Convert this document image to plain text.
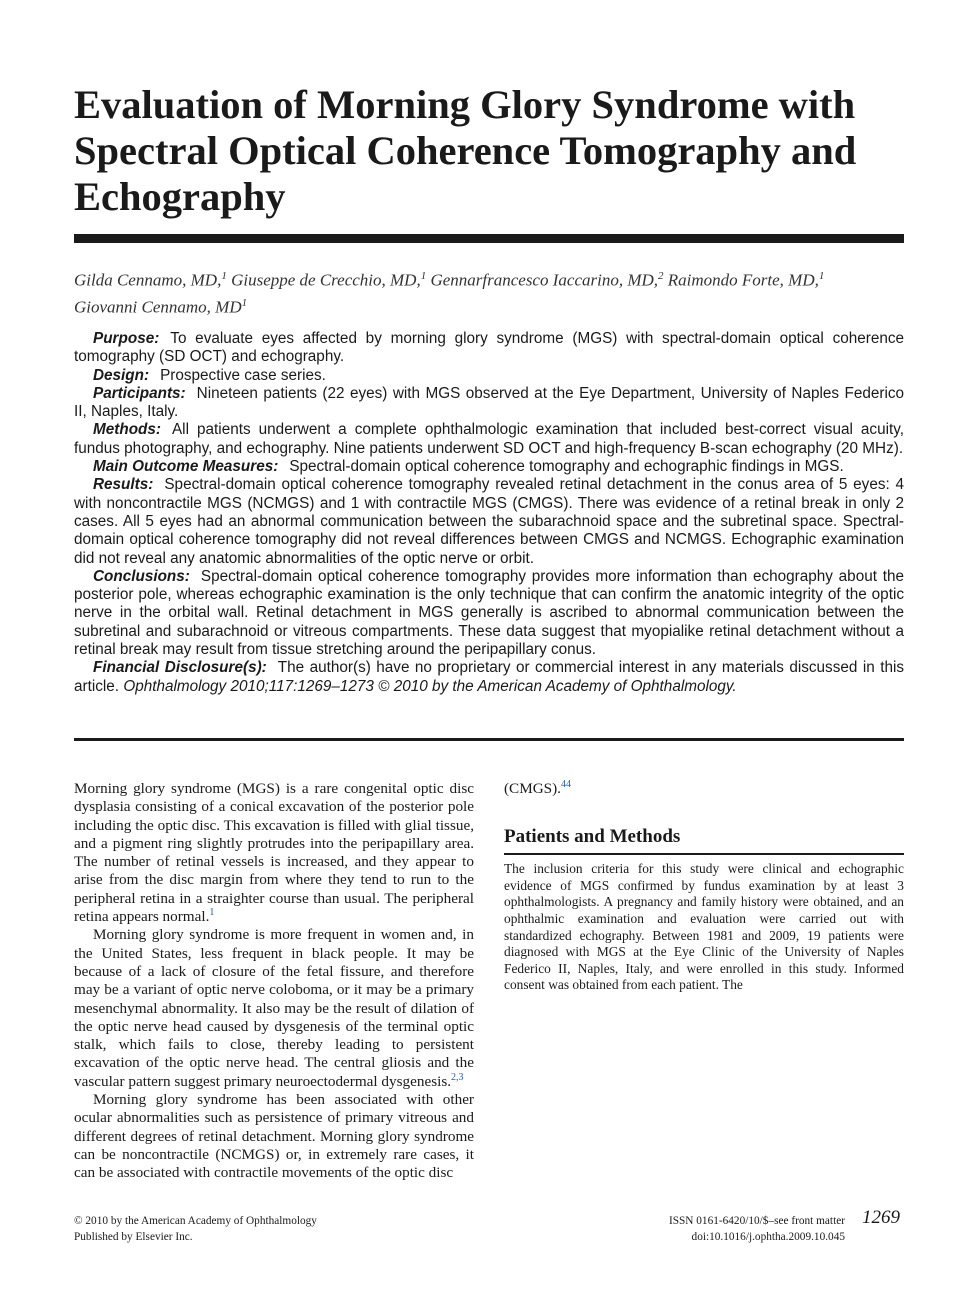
Evaluation of Morning Glory Syndrome with Spectral Optical Coherence Tomography and Echography
Gilda Cennamo, MD,$^1$ Giuseppe de Crecchio, MD,$^1$ Gennarfrancesco Iaccarino, MD,$^2$ Raimondo Forte, MD,$^1$
Giovanni Cennamo, $MD^1$

Purpose: To evaluate eyes affected by morning glory syndrome (MGS) with spectral-domain optical coherence tomography (SD OCT) and echography.

Design: Prospective case series.

Participants: Nineteen patients (22 eyes) with MGS observed at the Eye Department, University of Naples Federico II, Naples, Italy.

Methods: All patients underwent a complete ophthalmologic examination that included best-correct visual acuity, fundus photography, and echography. Nine patients underwent SD OCT and high-frequency B-scan echography (20 MHz).

Main Outcome Measures: Spectral-domain optical coherence tomography and echographic findings in MGS.

Results: Spectral-domain optical coherence tomography revealed retinal detachment in the conus area of 5 eyes: 4 with noncontractile MGS (NCMGS) and 1 with contractile MGS (CMGS). There was evidence of a retinal break in only 2 cases. All 5 eyes had an abnormal communication between the subarachnoid space and the subretinal space. Spectral-domain optical coherence tomography did not reveal differences between CMGS and NCMGS. Echographic examination did not reveal any anatomic abnormalities of the optic nerve or orbit.

Conclusions: Spectral-domain optical coherence tomography provides more information than echography about the posterior pole, whereas echographic examination is the only technique that can confirm the anatomic integrity of the optic nerve in the orbital wall. Retinal detachment in MGS generally is ascribed to abnormal communication between the subretinal and subarachnoid or vitreous compartments. These data suggest that myopialike retinal detachment without a retinal break may result from tissue stretching around the peripapillary conus.

Financial Disclosure(s): The author(s) have no proprietary or commercial interest in any materials discussed in this article. Ophthalmology 2010;117:1269–1273 © 2010 by the American Academy of Ophthalmology.

Morning glory syndrome (MGS) is a rare congenital optic disc dysplasia consisting of a conical excavation of the posterior pole including the optic disc. This excavation is filled with glial tissue, and a pigment ring slightly protrudes into the peripapillary area. The number of retinal vessels is increased, and they appear to arise from the disc margin from where they tend to run to the peripheral retina in a straighter course than usual. The peripheral retina appears normal.$^1$

Morning glory syndrome is more frequent in women and, in the United States, less frequent in black people. It may be because of a lack of closure of the fetal fissure, and therefore may be a variant of optic nerve coloboma, or it may be a primary mesenchymal abnormality. It also may be the result of dilation of the optic nerve head caused by dysgenesis of the terminal optic stalk, which fails to close, thereby leading to persistent excavation of the optic nerve head. The central gliosis and the vascular pattern suggest primary neuroectodermal dysgenesis.$^{2,3}$

Morning glory syndrome has been associated with other ocular abnormalities such as persistence of primary vitreous and different degrees of retinal detachment. Morning glory syndrome can be noncontractile (NCMGS) or, in extremely rare cases, it can be associated with contractile movements of the optic disc

(CMGS).$^{44}$

Patients and Methods

The inclusion criteria for this study were clinical and echographic evidence of MGS confirmed by fundus examination by at least 3 ophthalmologists. A pregnancy and family history were obtained, and an ophthalmic examination and evaluation were carried out with standardized echography. Between 1981 and 2009, 19 patients were diagnosed with MGS at the Eye Clinic of the University of Naples Federico II, Naples, Italy, and were enrolled in this study. Informed consent was obtained from each patient. The

© 2010 by the American Academy of Ophthalmology
Published by Elsevier Inc.
ISSN 0161-6420/10/$–see front matter
doi:10.1016/j.ophtha.2009.10.045
1269
